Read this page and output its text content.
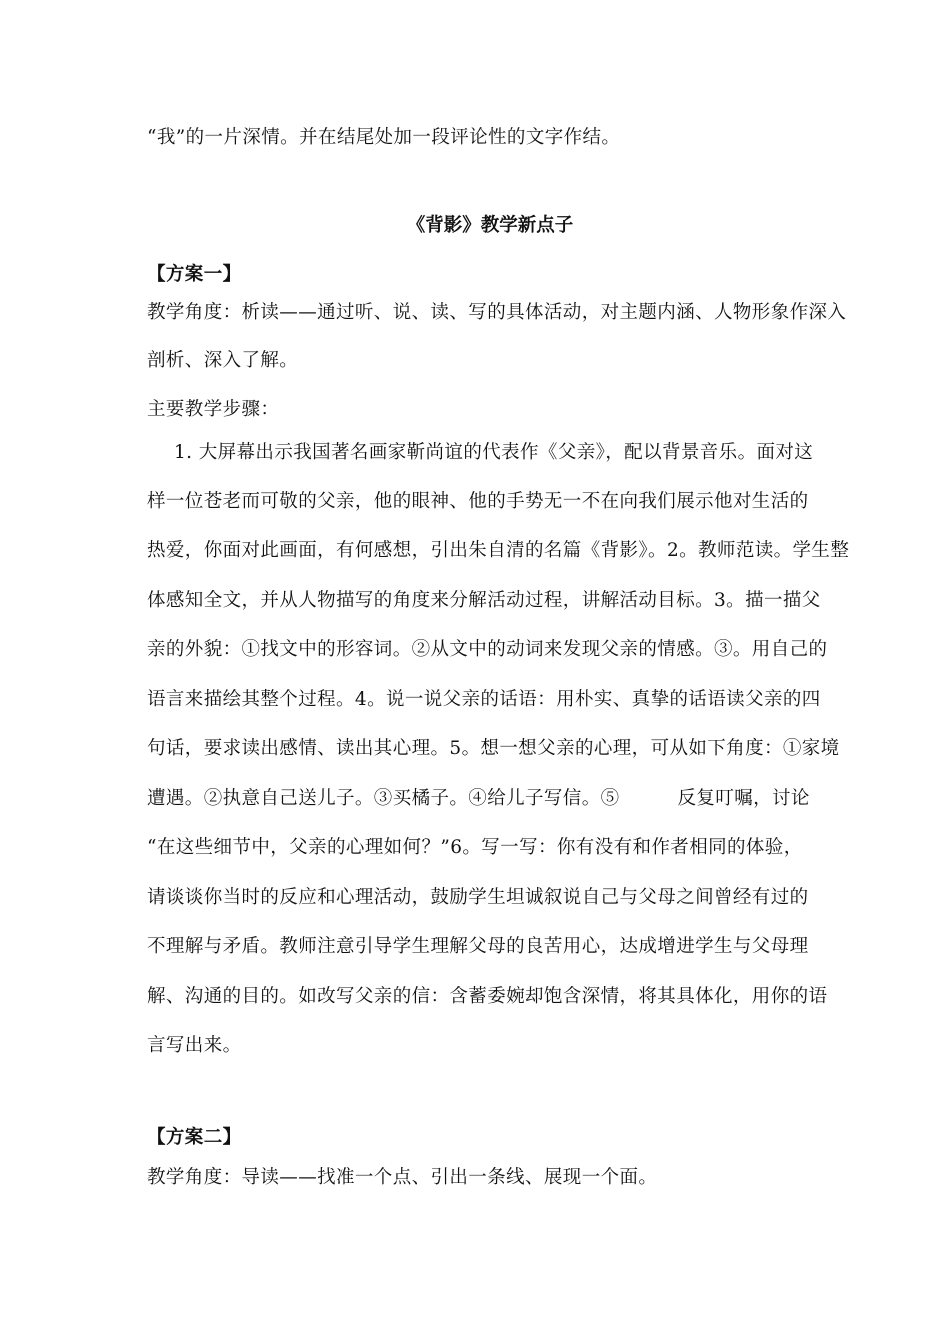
“我”的一片深情。并在结尾处加一段评论性的文字作结。
《背影》教学新点子
【方案一】
教学角度：析读——通过听、说、读、写的具体活动，对主题内涵、人物形象作深入
剖析、深入了解。
主要教学步骤：
1. 大屏幕出示我国著名画家靳尚谊的代表作《父亲》，配以背景音乐。面对这
样一位苍老而可敬的父亲，他的眼神、他的手势无一不在向我们展示他对生活的
热爱，你面对此画面，有何感想，引出朱自清的名篇《背影》。2。教师范读。学生整
体感知全文，并从人物描写的角度来分解活动过程，讲解活动目标。3。描一描父
亲的外貌：①找文中的形容词。②从文中的动词来发现父亲的情感。③。用自己的
语言来描绘其整个过程。4。说一说父亲的话语：用朴实、真挚的话语读父亲的四
句话，要求读出感情、读出其心理。5。想一想父亲的心理，可从如下角度：①家境
遭遇。②执意自己送儿子。③买橘子。④给儿子写信。⑤	反复叮嘱，讨论
“在这些细节中，父亲的心理如何？”6。写一写：你有没有和作者相同的体验，
请谈谈你当时的反应和心理活动，鼓励学生坦诚叙说自己与父母之间曾经有过的
不理解与矛盾。教师注意引导学生理解父母的良苦用心，达成增进学生与父母理
解、沟通的目的。如改写父亲的信：含蓄委婉却饱含深情，将其具体化，用你的语
言写出来。
【方案二】
教学角度：导读——找准一个点、引出一条线、展现一个面。
